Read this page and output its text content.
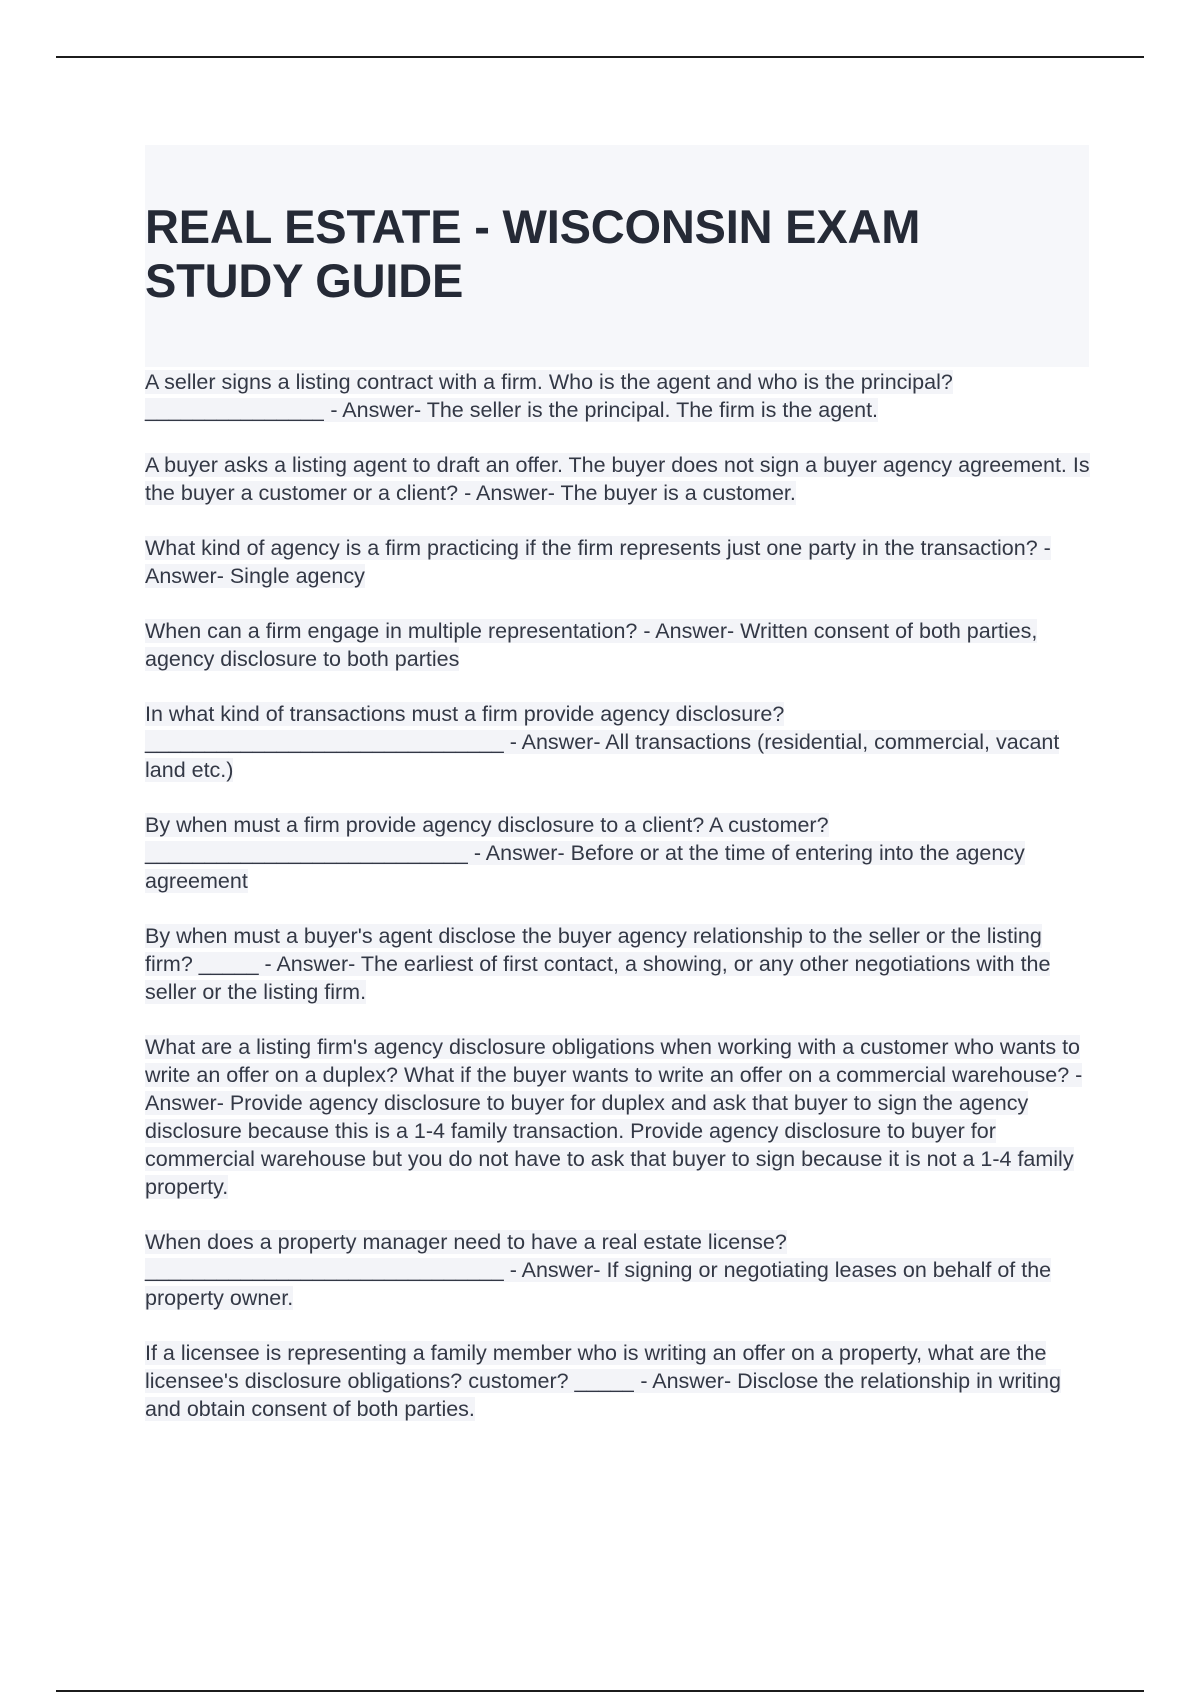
REAL ESTATE - WISCONSIN EXAM STUDY GUIDE

A seller signs a listing contract with a firm. Who is the agent and who is the principal? _______________ - Answer- The seller is the principal. The firm is the agent.

A buyer asks a listing agent to draft an offer. The buyer does not sign a buyer agency agreement. Is the buyer a customer or a client? - Answer- The buyer is a customer.

What kind of agency is a firm practicing if the firm represents just one party in the transaction? - Answer- Single agency

When can a firm engage in multiple representation? - Answer- Written consent of both parties, agency disclosure to both parties

In what kind of transactions must a firm provide agency disclosure? ______________________________ - Answer- All transactions (residential, commercial, vacant land etc.)

By when must a firm provide agency disclosure to a client? A customer? ___________________________ - Answer- Before or at the time of entering into the agency agreement

By when must a buyer's agent disclose the buyer agency relationship to the seller or the listing firm? _____ - Answer- The earliest of first contact, a showing, or any other negotiations with the seller or the listing firm.

What are a listing firm's agency disclosure obligations when working with a customer who wants to write an offer on a duplex? What if the buyer wants to write an offer on a commercial warehouse? - Answer- Provide agency disclosure to buyer for duplex and ask that buyer to sign the agency disclosure because this is a 1-4 family transaction. Provide agency disclosure to buyer for commercial warehouse but you do not have to ask that buyer to sign because it is not a 1-4 family property.

When does a property manager need to have a real estate license? ______________________________ - Answer- If signing or negotiating leases on behalf of the property owner.

If a licensee is representing a family member who is writing an offer on a property, what are the licensee's disclosure obligations? customer? _____ - Answer- Disclose the relationship in writing and obtain consent of both parties.
